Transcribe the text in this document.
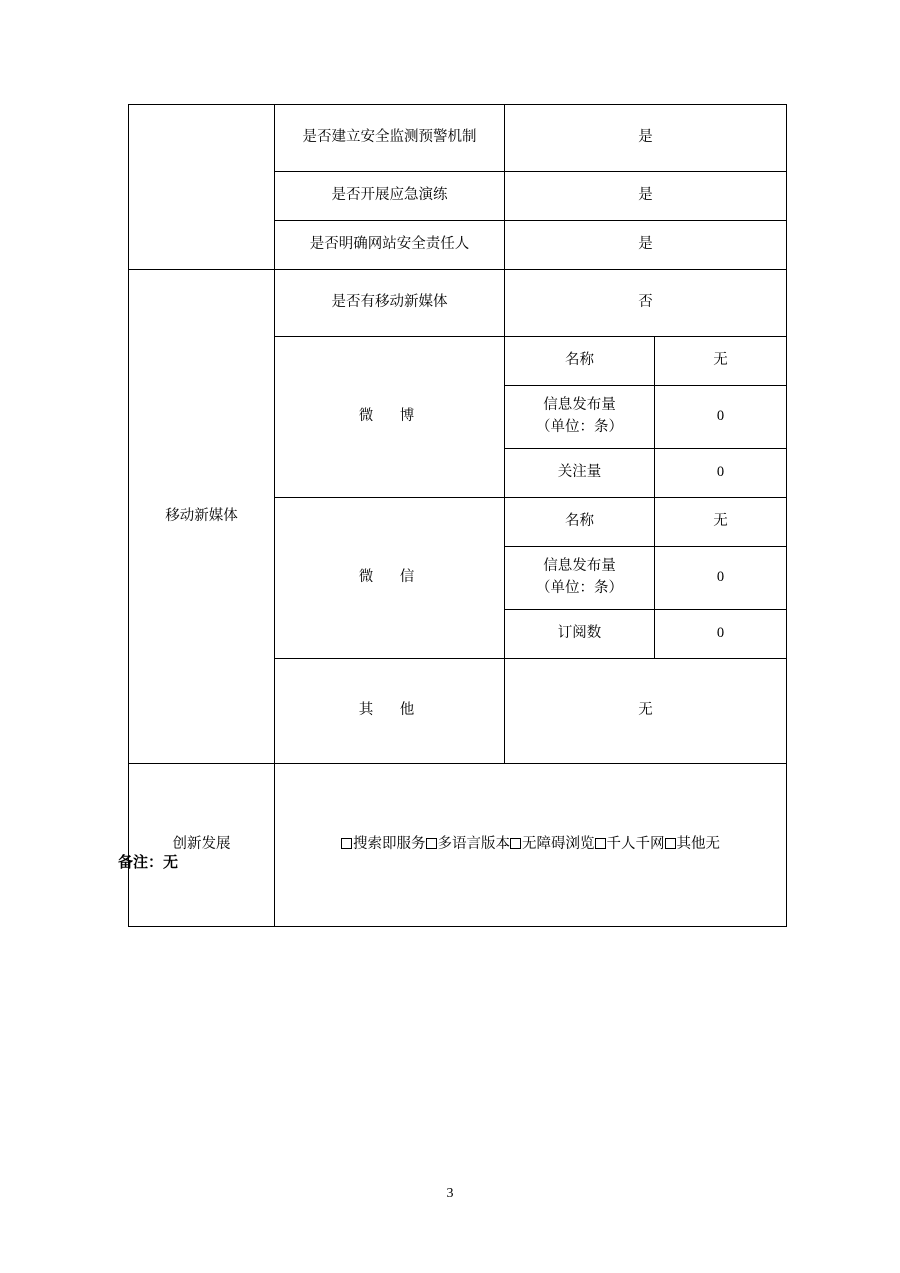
	是否建立安全监测预警机制	是	
	是否开展应急演练	是	
	是否明确网站安全责任人	是	
移动新媒体	是否有移动新媒体	否	
	微　博	名称	无

		信息发布量
（单位：条）	0
		关注量	0
	微　信	名称	无

		信息发布量
（单位：条）	0
		订阅数	0
	其　他	无	
创新发展	搜索即服务 多语言版本 无障碍浏览 千人千网 其他无		
备注：无
3
